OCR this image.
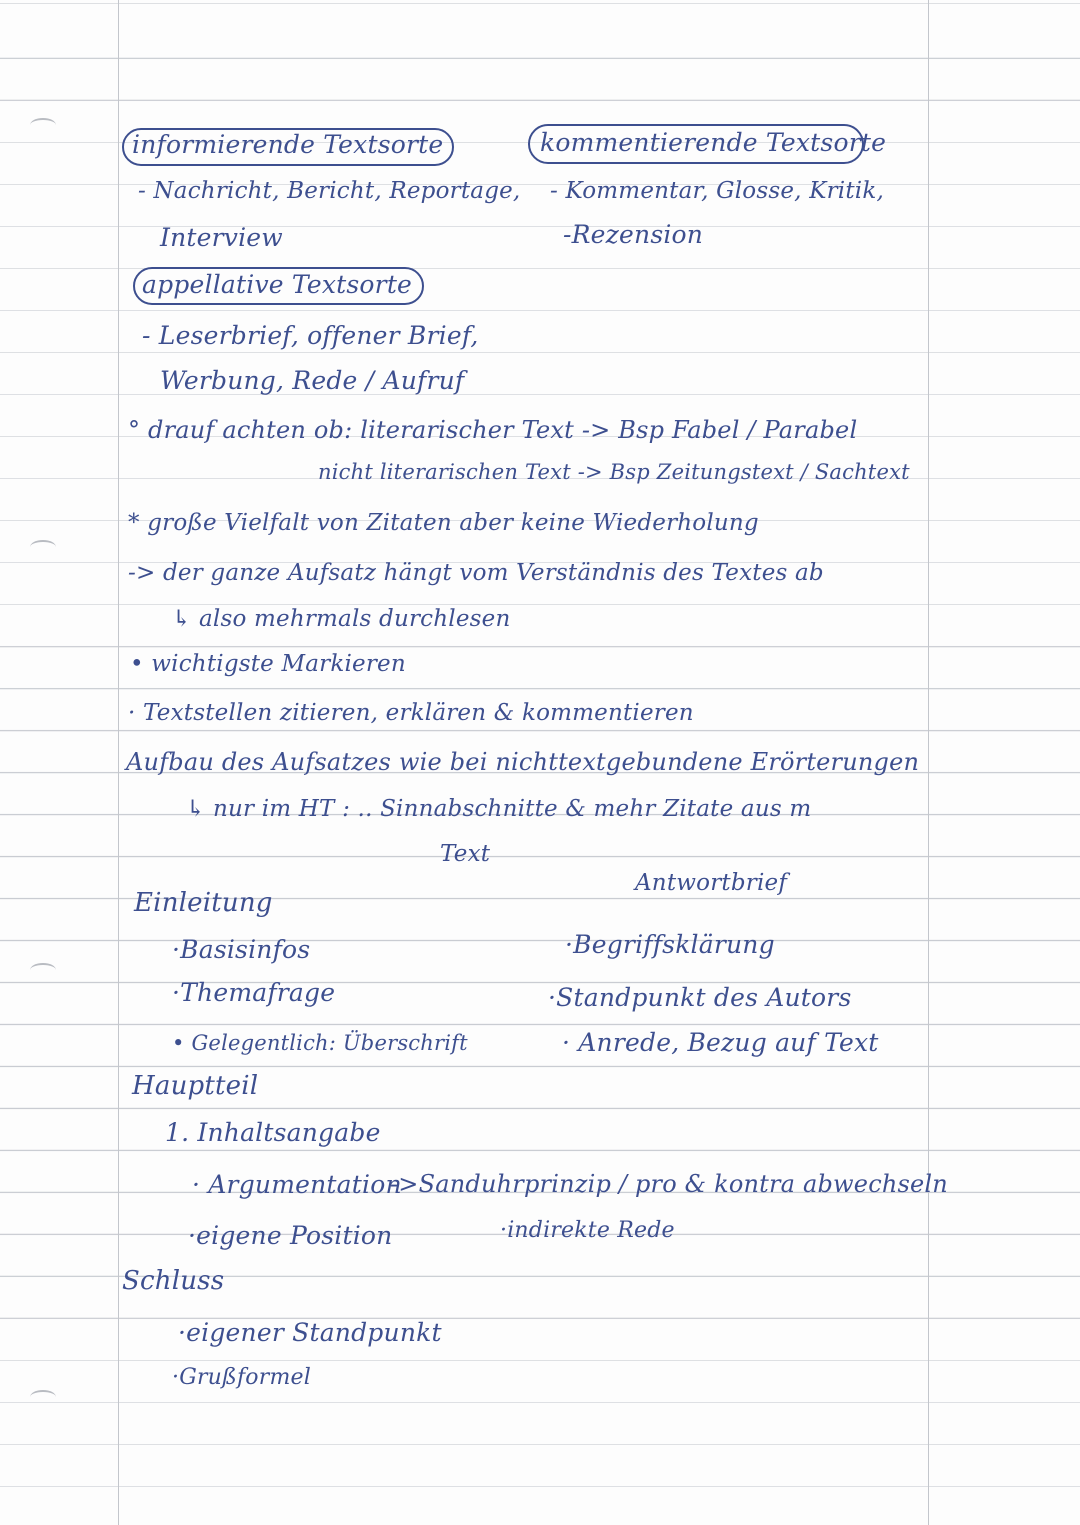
informierende Textsorte
- Nachricht, Bericht, Reportage,
Interview
kommentierende Textsorte
- Kommentar, Glosse, Kritik,
-Rezension
appellative Textsorte
- Leserbrief, offener Brief,
Werbung, Rede / Aufruf
° drauf achten ob: literarischer Text -> Bsp Fabel / Parabel
nicht literarischen Text -> Bsp Zeitungstext / Sachtext
* große Vielfalt von Zitaten aber keine Wiederholung
-> der ganze Aufsatz hängt vom Verständnis des Textes ab
↳ also mehrmals durchlesen
• wichtigste Markieren
· Textstellen zitieren, erklären & kommentieren
Aufbau des Aufsatzes wie bei nichttextgebundene Erörterungen
↳ nur im HT : .. Sinnabschnitte & mehr Zitate aus m
Text
Antwortbrief
Einleitung
·Basisinfos
·Themafrage
• Gelegentlich: Überschrift
·Begriffsklärung
·Standpunkt des Autors
· Anrede, Bezug auf Text
Hauptteil
1. Inhaltsangabe
· Argumentation
->Sanduhrprinzip / pro & kontra abwechseln
·eigene Position	·indirekte Rede
Schluss
·eigener Standpunkt
·Grußformel
